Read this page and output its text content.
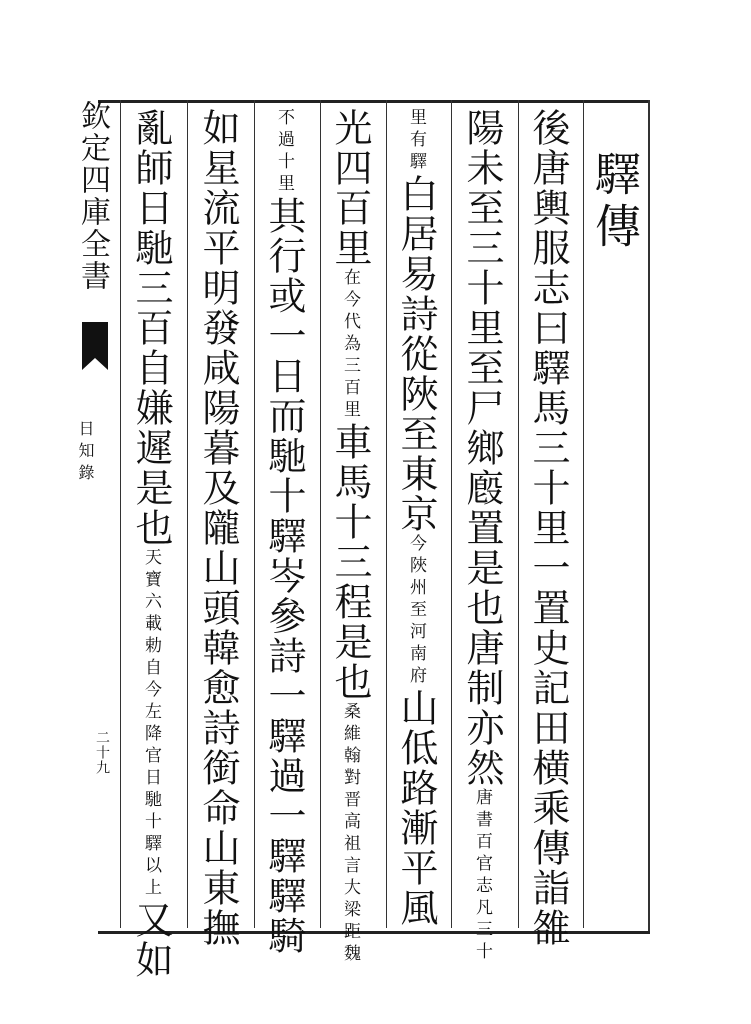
驛傳
後唐輿服志曰驛馬三十里一置史記田横乘傳詣雒
陽未至三十里至尸鄉廏置是也唐制亦然唐書百官志凡三十
里有驛白居易詩從陜至東京今陜州至河南府山低路漸平風
光四百里在今代為三百里車馬十三程是也桑維翰對晋高祖言大梁距魏
不過十里其行或一日而馳十驛岑參詩一驛過一驛驛騎
如星流平明發咸陽暮及隴山頭韓愈詩銜命山東撫
亂師日馳三百自嫌遲是也天寶六載勅自今左降官日馳十驛以上又如
欽定四庫全書
日知錄
二十九
